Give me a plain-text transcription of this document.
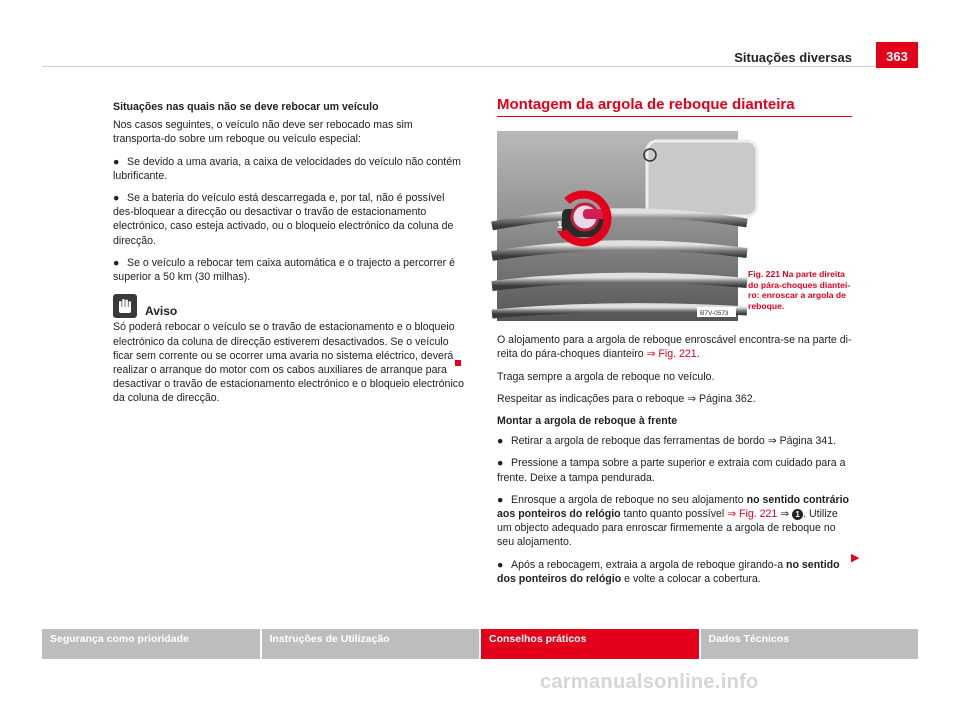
Situações diversas	363
Situações nas quais não se deve rebocar um veículo

Nos casos seguintes, o veículo não deve ser rebocado mas sim transporta-do sobre um reboque ou veículo especial:

● Se devido a uma avaria, a caixa de velocidades do veículo não contém lubrificante.
● Se a bateria do veículo está descarregada e, por tal, não é possível des-bloquear a direcção ou desactivar o travão de estacionamento electrónico, caso esteja activado, ou o bloqueio electrónico da coluna de direcção.
● Se o veículo a rebocar tem caixa automática e o trajecto a percorrer é superior a 50 km (30 milhas).
Aviso

Só poderá rebocar o veículo se o travão de estacionamento e o bloqueio electrónico da coluna de direcção estiverem desactivados. Se o veículo ficar sem corrente ou se ocorrer uma avaria no sistema eléctrico, deverá realizar o arranque do motor com os cabos auxiliares de arranque para desactivar o travão de estacionamento electrónico e o bloqueio electrónico da coluna de direcção.

Montagem da argola de reboque dianteira
1
B7V-0573
Fig. 221 Na parte direita do pára-choques diantei-ro: enroscar a argola de reboque.

O alojamento para a argola de reboque enroscável encontra-se na parte di-reita do pára-choques dianteiro ⇒ Fig. 221.

Traga sempre a argola de reboque no veículo.

Respeitar as indicações para o reboque ⇒ Página 362.

Montar a argola de reboque à frente

● Retirar a argola de reboque das ferramentas de bordo ⇒ Página 341.
● Pressione a tampa sobre a parte superior e extraia com cuidado para a frente. Deixe a tampa pendurada.
● Enrosque a argola de reboque no seu alojamento no sentido contrário aos ponteiros do relógio tanto quanto possível ⇒ Fig. 221 ⇒ 1 . Utilize um objecto adequado para enroscar firmemente a argola de reboque no seu alojamento.
● Após a rebocagem, extraia a argola de reboque girando-a no sentido dos ponteiros do relógio e volte a colocar a cobertura.
▶
Segurança como prioridade	Instruções de Utilização	Conselhos práticos	Dados Técnicos
carmanualsonline.info
